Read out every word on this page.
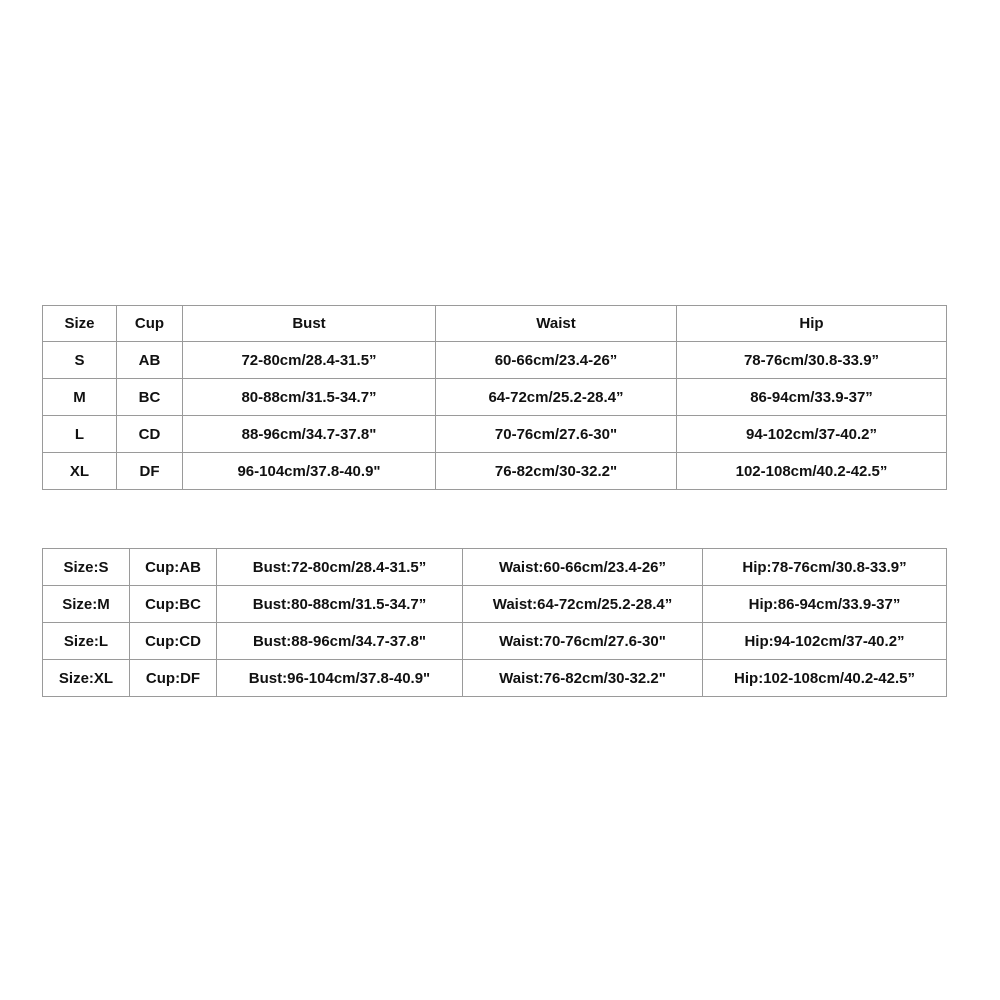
Size	Cup	Bust	Waist	Hip
S	AB	72-80cm/28.4-31.5”	60-66cm/23.4-26”	78-76cm/30.8-33.9”
M	BC	80-88cm/31.5-34.7”	64-72cm/25.2-28.4”	86-94cm/33.9-37”
L	CD	88-96cm/34.7-37.8"	70-76cm/27.6-30"	94-102cm/37-40.2”
XL	DF	96-104cm/37.8-40.9"	76-82cm/30-32.2"	102-108cm/40.2-42.5”
Size:S	Cup:AB	Bust:72-80cm/28.4-31.5”	Waist:60-66cm/23.4-26”	Hip:78-76cm/30.8-33.9”
Size:M	Cup:BC	Bust:80-88cm/31.5-34.7”	Waist:64-72cm/25.2-28.4”	Hip:86-94cm/33.9-37”
Size:L	Cup:CD	Bust:88-96cm/34.7-37.8"	Waist:70-76cm/27.6-30"	Hip:94-102cm/37-40.2”
Size:XL	Cup:DF	Bust:96-104cm/37.8-40.9"	Waist:76-82cm/30-32.2"	Hip:102-108cm/40.2-42.5”
